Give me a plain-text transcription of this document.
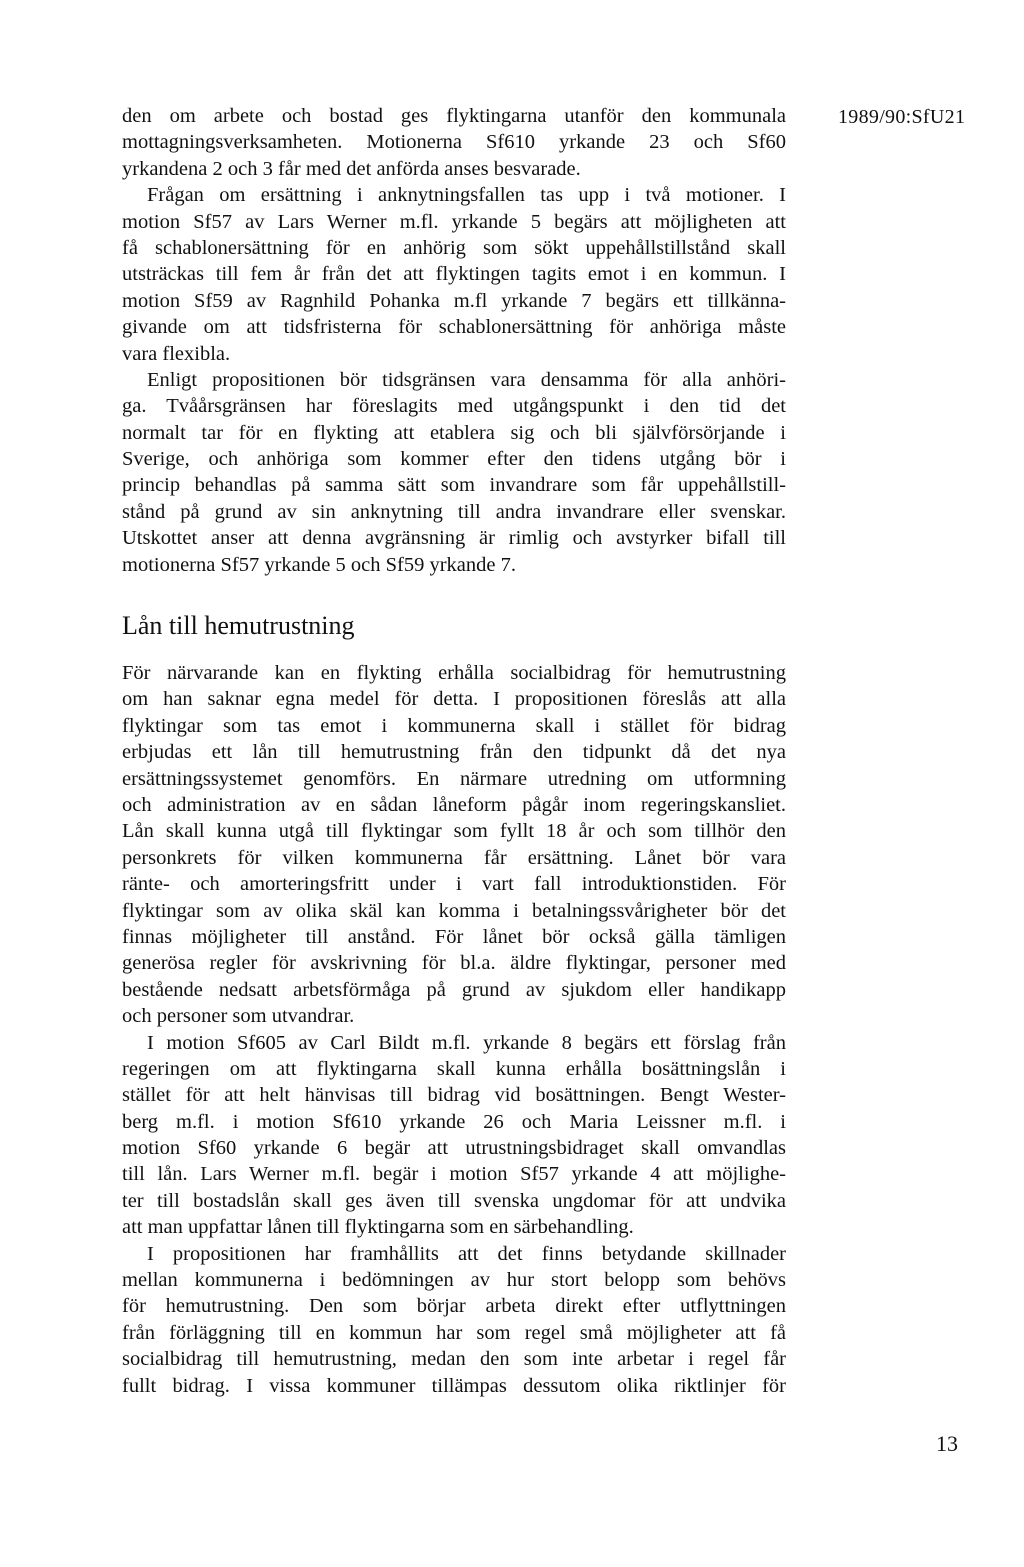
1989/90:SfU21
den om arbete och bostad ges flyktingarna utanför den kommunala
mottagningsverksamheten. Motionerna Sf610 yrkande 23 och Sf60
yrkandena 2 och 3 får med det anförda anses besvarade.
Frågan om ersättning i anknytningsfallen tas upp i två motioner. I
motion Sf57 av Lars Werner m.fl. yrkande 5 begärs att möjligheten att
få schablonersättning för en anhörig som sökt uppehållstillstånd skall
utsträckas till fem år från det att flyktingen tagits emot i en kommun. I
motion Sf59 av Ragnhild Pohanka m.fl yrkande 7 begärs ett tillkänna-
givande om att tidsfristerna för schablonersättning för anhöriga måste
vara flexibla.
Enligt propositionen bör tidsgränsen vara densamma för alla anhöri-
ga. Tvåårsgränsen har föreslagits med utgångspunkt i den tid det
normalt tar för en flykting att etablera sig och bli självförsörjande i
Sverige, och anhöriga som kommer efter den tidens utgång bör i
princip behandlas på samma sätt som invandrare som får uppehållstill-
stånd på grund av sin anknytning till andra invandrare eller svenskar.
Utskottet anser att denna avgränsning är rimlig och avstyrker bifall till
motionerna Sf57 yrkande 5 och Sf59 yrkande 7.
Lån till hemutrustning
För närvarande kan en flykting erhålla socialbidrag för hemutrustning
om han saknar egna medel för detta. I propositionen föreslås att alla
flyktingar som tas emot i kommunerna skall i stället för bidrag
erbjudas ett lån till hemutrustning från den tidpunkt då det nya
ersättningssystemet genomförs. En närmare utredning om utformning
och administration av en sådan låneform pågår inom regeringskansliet.
Lån skall kunna utgå till flyktingar som fyllt 18 år och som tillhör den
personkrets för vilken kommunerna får ersättning. Lånet bör vara
ränte- och amorteringsfritt under i vart fall introduktionstiden. För
flyktingar som av olika skäl kan komma i betalningssvårigheter bör det
finnas möjligheter till anstånd. För lånet bör också gälla tämligen
generösa regler för avskrivning för bl.a. äldre flyktingar, personer med
bestående nedsatt arbetsförmåga på grund av sjukdom eller handikapp
och personer som utvandrar.
I motion Sf605 av Carl Bildt m.fl. yrkande 8 begärs ett förslag från
regeringen om att flyktingarna skall kunna erhålla bosättningslån i
stället för att helt hänvisas till bidrag vid bosättningen. Bengt Wester-
berg m.fl. i motion Sf610 yrkande 26 och Maria Leissner m.fl. i
motion Sf60 yrkande 6 begär att utrustningsbidraget skall omvandlas
till lån. Lars Werner m.fl. begär i motion Sf57 yrkande 4 att möjlighe-
ter till bostadslån skall ges även till svenska ungdomar för att undvika
att man uppfattar lånen till flyktingarna som en särbehandling.
I propositionen har framhållits att det finns betydande skillnader
mellan kommunerna i bedömningen av hur stort belopp som behövs
för hemutrustning. Den som börjar arbeta direkt efter utflyttningen
från förläggning till en kommun har som regel små möjligheter att få
socialbidrag till hemutrustning, medan den som inte arbetar i regel får
fullt bidrag. I vissa kommuner tillämpas dessutom olika riktlinjer för
13
